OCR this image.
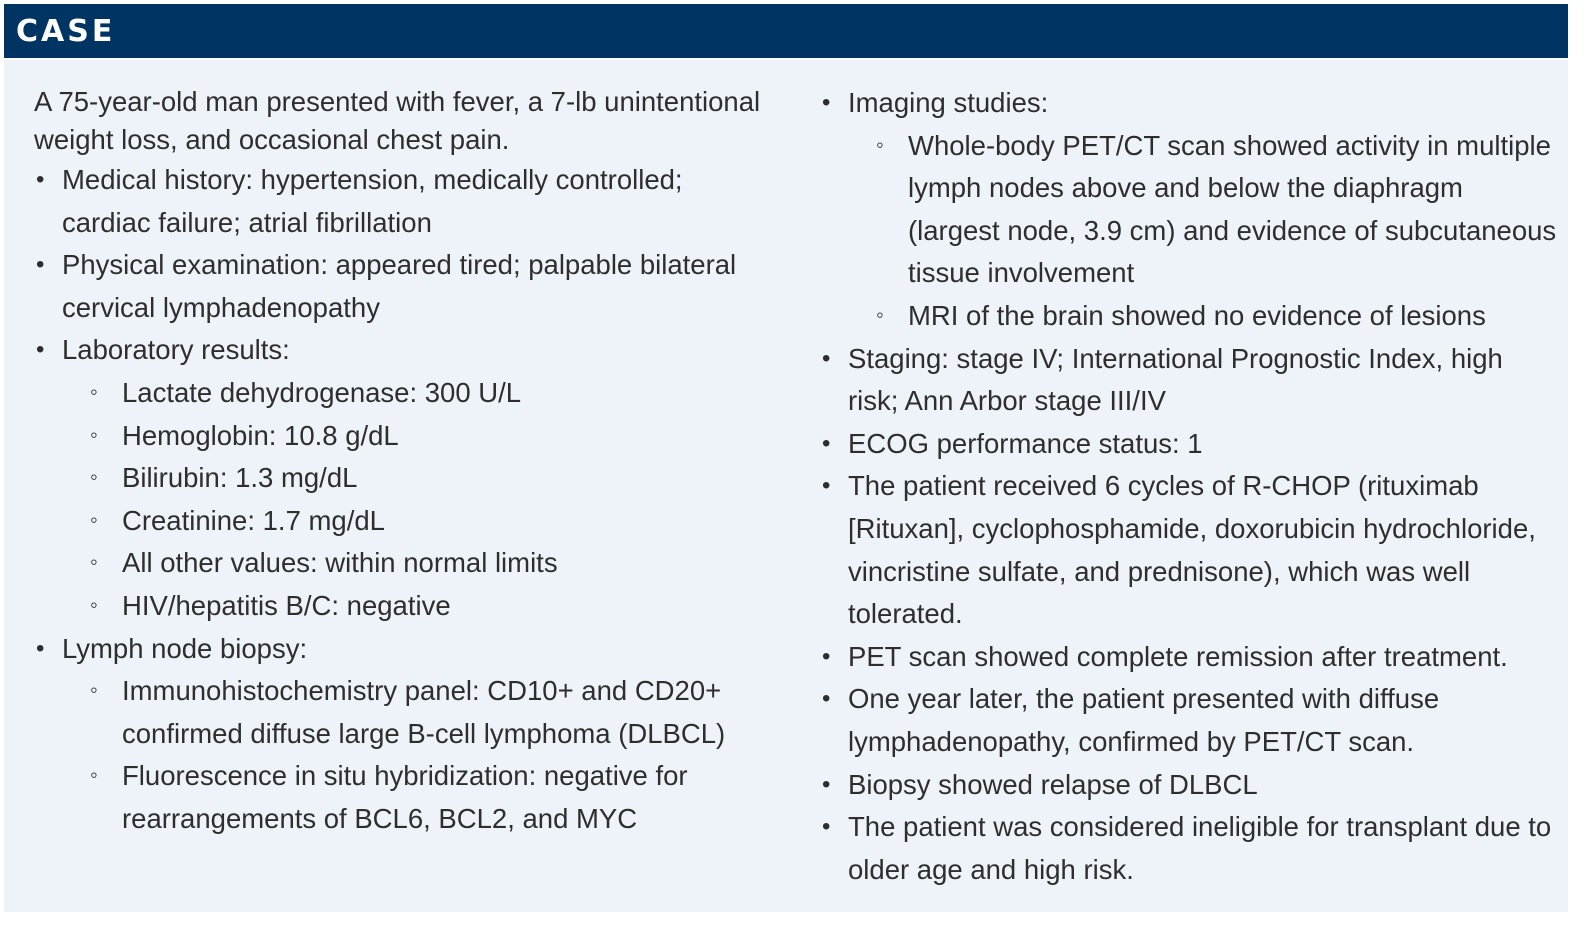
CASE
A 75-year-old man presented with fever, a 7-lb unintentional weight loss, and occasional chest pain.
• Medical history: hypertension, medically controlled; cardiac failure; atrial fibrillation
• Physical examination: appeared tired; palpable bilateral cervical lymphadenopathy
• Laboratory results:
◦ Lactate dehydrogenase: 300 U/L
◦ Hemoglobin: 10.8 g/dL
◦ Bilirubin: 1.3 mg/dL
◦ Creatinine: 1.7 mg/dL
◦ All other values: within normal limits
◦ HIV/hepatitis B/C: negative
• Lymph node biopsy:
◦ Immunohistochemistry panel: CD10+ and CD20+ confirmed diffuse large B-cell lymphoma (DLBCL)
◦ Fluorescence in situ hybridization: negative for rearrangements of BCL6, BCL2, and MYC
• Imaging studies:
◦ Whole-body PET/CT scan showed activity in multiple lymph nodes above and below the diaphragm (largest node, 3.9 cm) and evidence of subcutaneous tissue involvement
◦ MRI of the brain showed no evidence of lesions
• Staging: stage IV; International Prognostic Index, high risk; Ann Arbor stage III/IV
• ECOG performance status: 1
• The patient received 6 cycles of R-CHOP (rituximab [Rituxan], cyclophosphamide, doxorubicin hydrochloride, vincristine sulfate, and prednisone), which was well tolerated.
• PET scan showed complete remission after treatment.
• One year later, the patient presented with diffuse lymphadenopathy, confirmed by PET/CT scan.
• Biopsy showed relapse of DLBCL
• The patient was considered ineligible for transplant due to older age and high risk.
